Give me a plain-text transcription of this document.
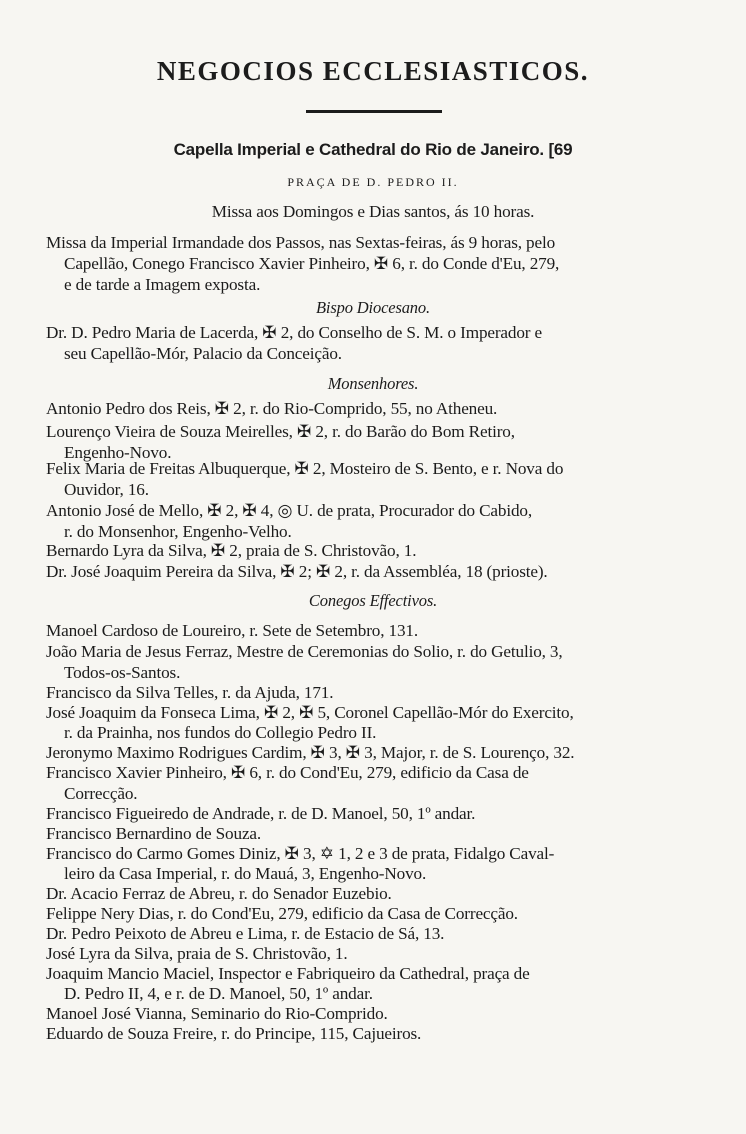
NEGOCIOS ECCLESIASTICOS.
Capella Imperial e Cathedral do Rio de Janeiro. [69
PRAÇA DE D. PEDRO II.
Missa aos Domingos e Dias santos, ás 10 horas.
Missa da Imperial Irmandade dos Passos, nas Sextas-feiras, ás 9 horas, pelo
Capellão, Conego Francisco Xavier Pinheiro, ✠ 6, r. do Conde d'Eu, 279,
e de tarde a Imagem exposta.
Bispo Diocesano.
Dr. D. Pedro Maria de Lacerda, ✠ 2, do Conselho de S. M. o Imperador e
seu Capellão-Mór, Palacio da Conceição.
Monsenhores.
Antonio Pedro dos Reis, ✠ 2, r. do Rio-Comprido, 55, no Atheneu.
Lourenço Vieira de Souza Meirelles, ✠ 2, r. do Barão do Bom Retiro,
Engenho-Novo.
Felix Maria de Freitas Albuquerque, ✠ 2, Mosteiro de S. Bento, e r. Nova do
Ouvidor, 16.
Antonio José de Mello, ✠ 2, ✠ 4, ◎ U. de prata, Procurador do Cabido,
r. do Monsenhor, Engenho-Velho.
Bernardo Lyra da Silva, ✠ 2, praia de S. Christovão, 1.
Dr. José Joaquim Pereira da Silva, ✠ 2; ✠ 2, r. da Assembléa, 18 (prioste).
Conegos Effectivos.
Manoel Cardoso de Loureiro, r. Sete de Setembro, 131.
João Maria de Jesus Ferraz, Mestre de Ceremonias do Solio, r. do Getulio, 3,
Todos-os-Santos.
Francisco da Silva Telles, r. da Ajuda, 171.
José Joaquim da Fonseca Lima, ✠ 2, ✠ 5, Coronel Capellão-Mór do Exercito,
r. da Prainha, nos fundos do Collegio Pedro II.
Jeronymo Maximo Rodrigues Cardim, ✠ 3, ✠ 3, Major, r. de S. Lourenço, 32.
Francisco Xavier Pinheiro, ✠ 6, r. do Cond'Eu, 279, edificio da Casa de
Correcção.
Francisco Figueiredo de Andrade, r. de D. Manoel, 50, 1º andar.
Francisco Bernardino de Souza.
Francisco do Carmo Gomes Diniz, ✠ 3, ✡ 1, 2 e 3 de prata, Fidalgo Caval-
leiro da Casa Imperial, r. do Mauá, 3, Engenho-Novo.
Dr. Acacio Ferraz de Abreu, r. do Senador Euzebio.
Felippe Nery Dias, r. do Cond'Eu, 279, edificio da Casa de Correcção.
Dr. Pedro Peixoto de Abreu e Lima, r. de Estacio de Sá, 13.
José Lyra da Silva, praia de S. Christovão, 1.
Joaquim Mancio Maciel, Inspector e Fabriqueiro da Cathedral, praça de
D. Pedro II, 4, e r. de D. Manoel, 50, 1º andar.
Manoel José Vianna, Seminario do Rio-Comprido.
Eduardo de Souza Freire, r. do Principe, 115, Cajueiros.
